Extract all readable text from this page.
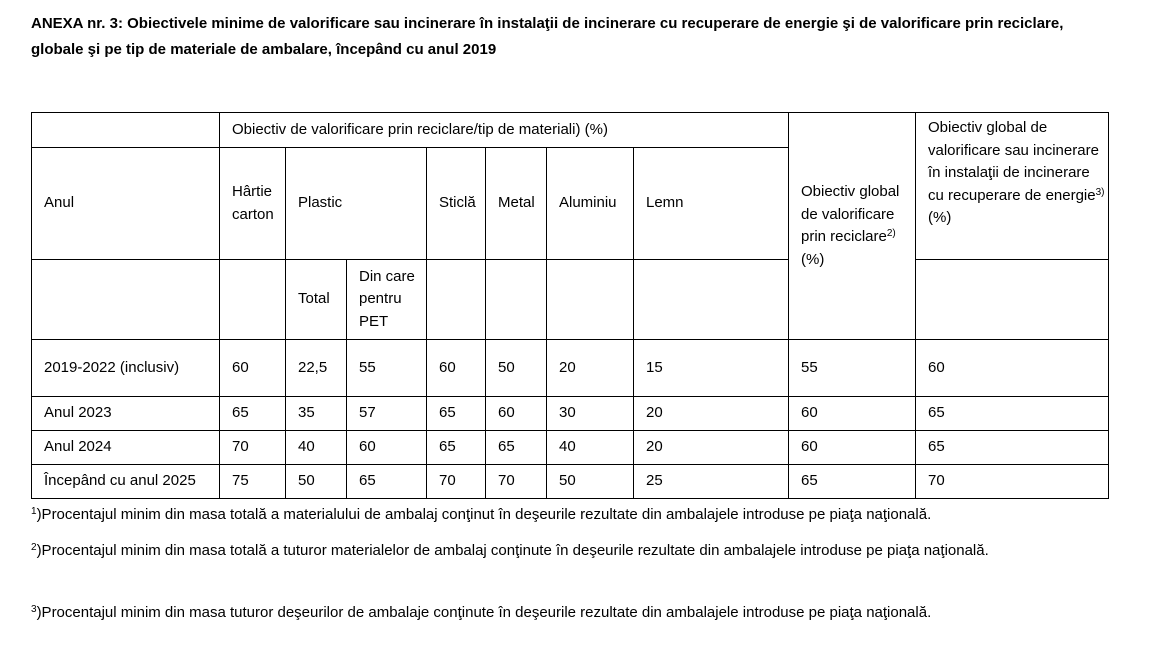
ANEXA nr. 3: Obiectivele minime de valorificare sau incinerare în instalaţii de incinerare cu recuperare de energie şi de valorificare prin reciclare, globale şi pe tip de materiale de ambalare, începând cu anul 2019
	Obiectiv de valorificare prin reciclare/tip de materiali) (%)							Obiectiv global de valorificare prin reciclare$^{2)}$ (%)	Obiectiv global de valorificare sau incinerare în instalaţii de incinerare cu recuperare de energie$^{3)}$ (%)
Anul	Hârtie carton	Plastic		Sticlă	Metal	Aluminiu	Lemn		
		Total	Din care pentru PET						
2019-2022 (inclusiv)	60	22,5	55	60	50	20	15	55	60
Anul 2023	65	35	57	65	60	30	20	60	65
Anul 2024	70	40	60	65	65	40	20	60	65
Începând cu anul 2025	75	50	65	70	70	50	25	65	70
$^1$)Procentajul minim din masa totală a materialului de ambalaj conţinut în deşeurile rezultate din ambalajele introduse pe piaţa naţională.
$^2$)Procentajul minim din masa totală a tuturor materialelor de ambalaj conţinute în deşeurile rezultate din ambalajele introduse pe piaţa naţională.
$^3$)Procentajul minim din masa tuturor deşeurilor de ambalaje conţinute în deşeurile rezultate din ambalajele introduse pe piaţa naţională.
